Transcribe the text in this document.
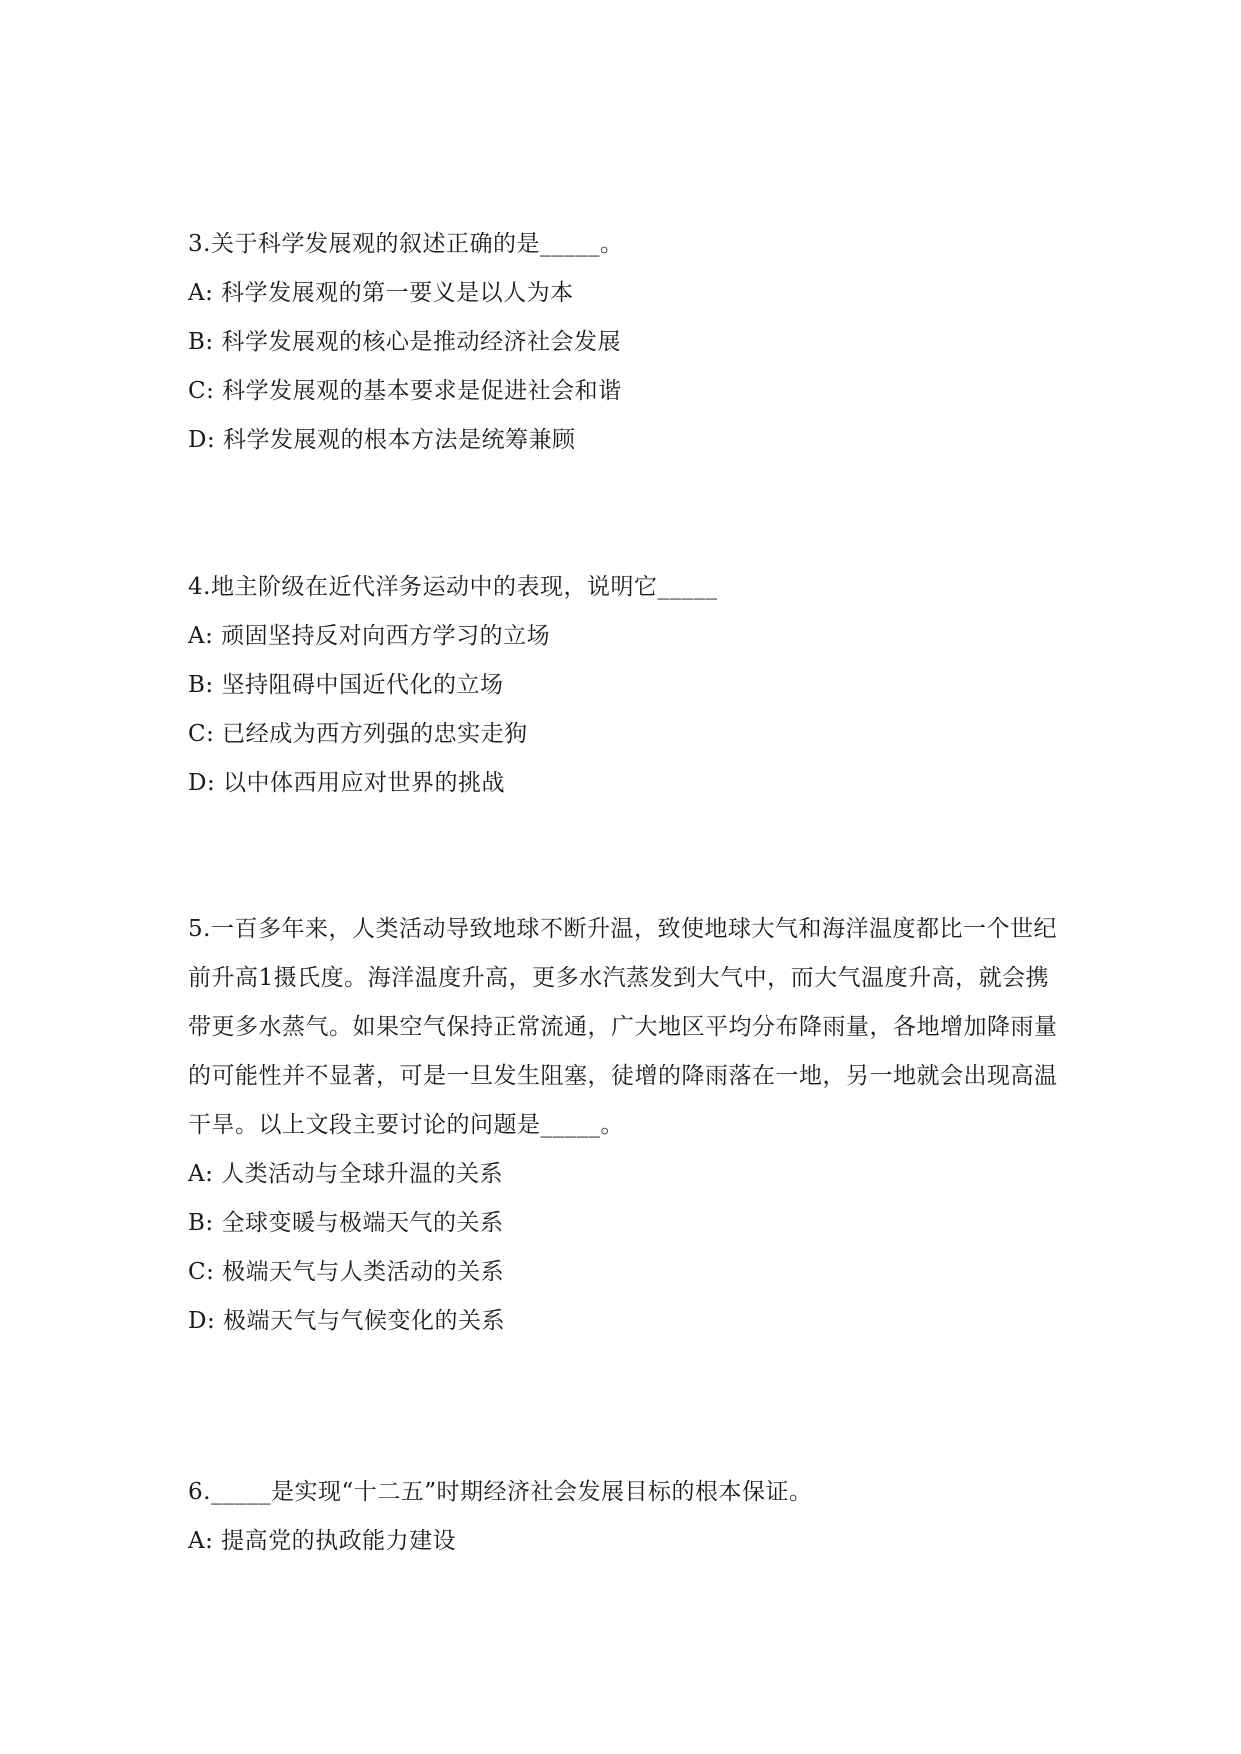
3.关于科学发展观的叙述正确的是_____。
A: 科学发展观的第一要义是以人为本
B: 科学发展观的核心是推动经济社会发展
C: 科学发展观的基本要求是促进社会和谐
D: 科学发展观的根本方法是统筹兼顾
4.地主阶级在近代洋务运动中的表现，说明它_____
A: 顽固坚持反对向西方学习的立场
B: 坚持阻碍中国近代化的立场
C: 已经成为西方列强的忠实走狗
D: 以中体西用应对世界的挑战
5.一百多年来，人类活动导致地球不断升温，致使地球大气和海洋温度都比一个世纪前升高1摄氏度。海洋温度升高，更多水汽蒸发到大气中，而大气温度升高，就会携带更多水蒸气。如果空气保持正常流通，广大地区平均分布降雨量，各地增加降雨量的可能性并不显著，可是一旦发生阻塞，徒增的降雨落在一地，另一地就会出现高温干旱。以上文段主要讨论的问题是_____。
A: 人类活动与全球升温的关系
B: 全球变暖与极端天气的关系
C: 极端天气与人类活动的关系
D: 极端天气与气候变化的关系
6._____是实现“十二五”时期经济社会发展目标的根本保证。
A: 提高党的执政能力建设
